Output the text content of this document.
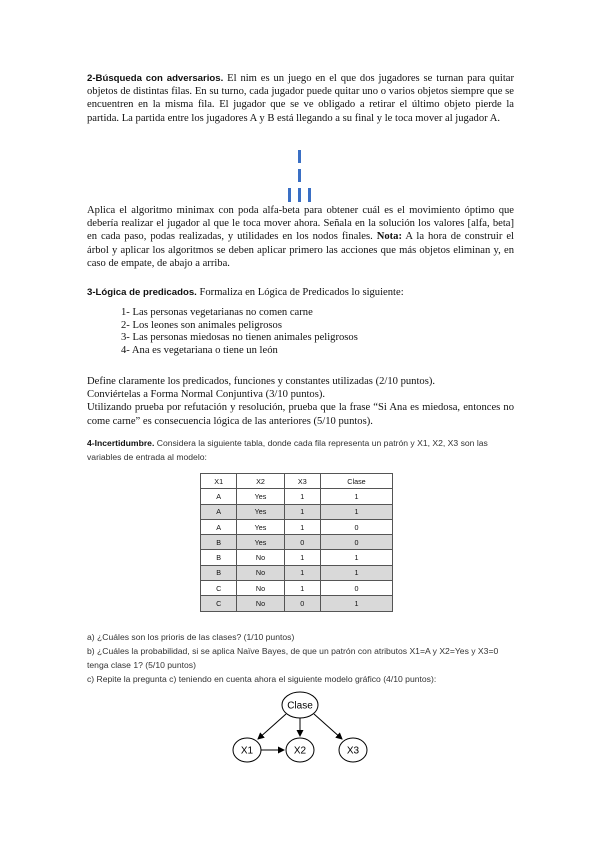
2-Búsqueda con adversarios. El nim es un juego en el que dos jugadores se turnan para quitar objetos de distintas filas. En su turno, cada jugador puede quitar uno o varios objetos siempre que se encuentren en la misma fila. El jugador que se ve obligado a retirar el último objeto pierde la partida. La partida entre los jugadores A y B está llegando a su final y le toca mover al jugador A.
Aplica el algoritmo minimax con poda alfa-beta para obtener cuál es el movimiento óptimo que debería realizar el jugador al que le toca mover ahora. Señala en la solución los valores [alfa, beta] en cada paso, podas realizadas, y utilidades en los nodos finales. Nota: A la hora de construir el árbol y aplicar los algoritmos se deben aplicar primero las acciones que más objetos eliminan y, en caso de empate, de abajo a arriba.
3-Lógica de predicados. Formaliza en Lógica de Predicados lo siguiente:
1- Las personas vegetarianas no comen carne
2- Los leones son animales peligrosos
3- Las personas miedosas no tienen animales peligrosos
4- Ana es vegetariana o tiene un león
Define claramente los predicados, funciones y constantes utilizadas (2/10 puntos).
Conviértelas a Forma Normal Conjuntiva (3/10 puntos).
Utilizando prueba por refutación y resolución, prueba que la frase “Si Ana es miedosa, entonces no come carne” es consecuencia lógica de las anteriores (5/10 puntos).
4-Incertidumbre. Considera la siguiente tabla, donde cada fila representa un patrón y X1, X2, X3 son las variables de entrada al modelo:
X1	X2	X3	Clase
A	Yes	1	1
A	Yes	1	1
A	Yes	1	0
B	Yes	0	0
B	No	1	1
B	No	1	1
C	No	1	0
C	No	0	1
a) ¿Cuáles son los prioris de las clases? (1/10 puntos)
b) ¿Cuáles la probabilidad, si se aplica Naïve Bayes, de que un patrón con atributos X1=A y X2=Yes y X3=0 tenga clase 1? (5/10 puntos)
c) Repite la pregunta c) teniendo en cuenta ahora el siguiente modelo gráfico (4/10 puntos):
Clase
X1	X2	X3
